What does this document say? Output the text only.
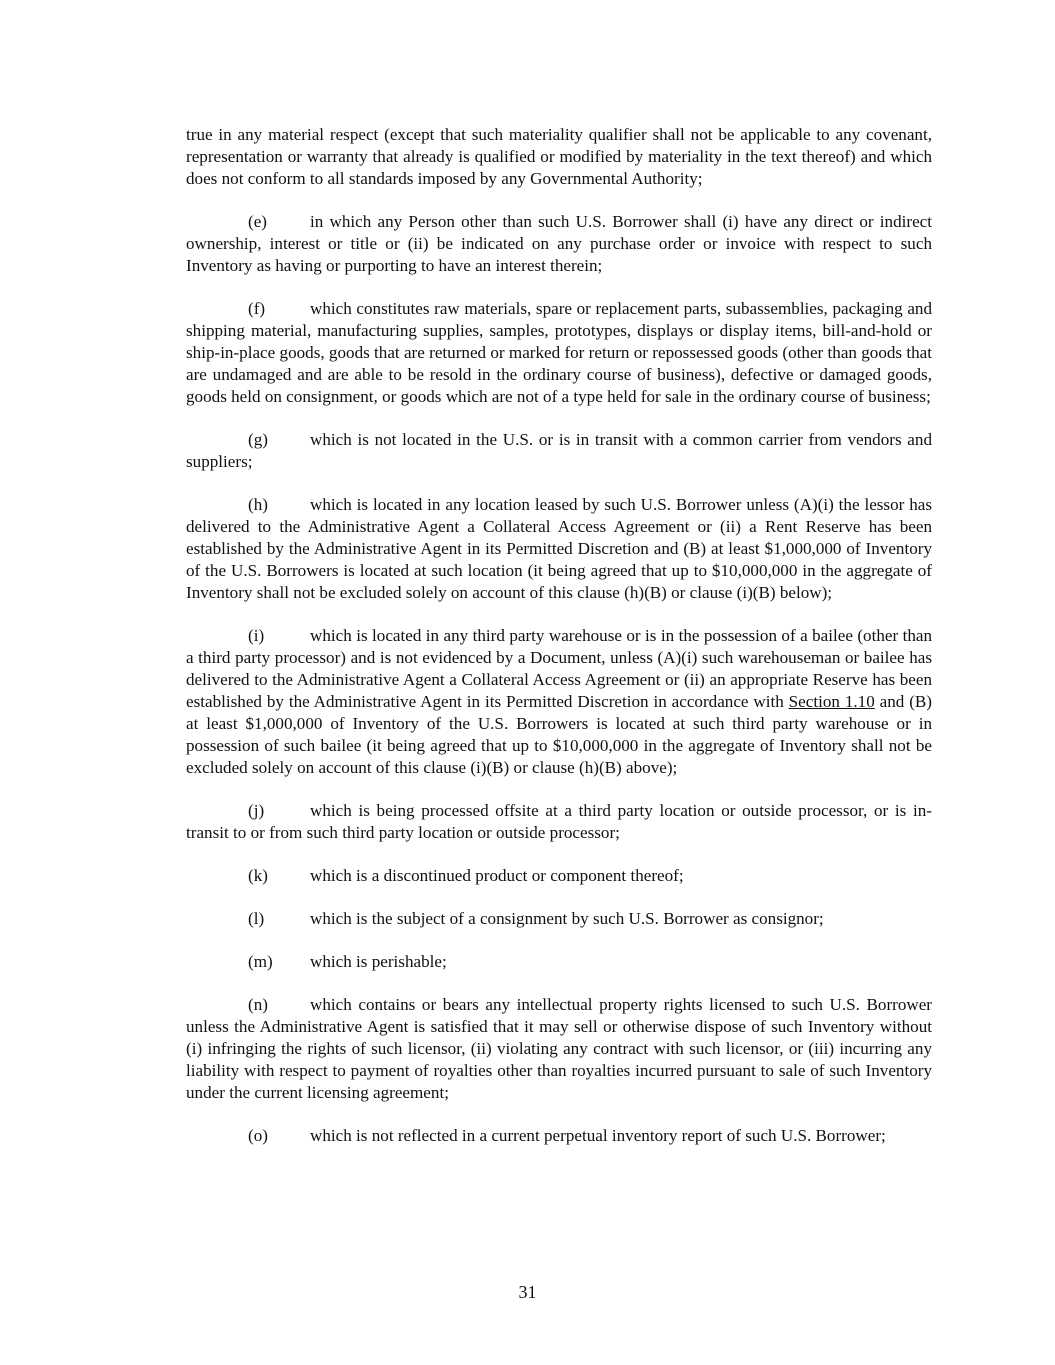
true in any material respect (except that such materiality qualifier shall not be applicable to any covenant, representation or warranty that already is qualified or modified by materiality in the text thereof) and which does not conform to all standards imposed by any Governmental Authority;

(e)	in which any Person other than such U.S. Borrower shall (i) have any direct or indirect ownership, interest or title or (ii) be indicated on any purchase order or invoice with respect to such Inventory as having or purporting to have an interest therein;

(f)	which constitutes raw materials, spare or replacement parts, subassemblies, packaging and shipping material, manufacturing supplies, samples, prototypes, displays or display items, bill-and-hold or ship-in-place goods, goods that are returned or marked for return or repossessed goods (other than goods that are undamaged and are able to be resold in the ordinary course of business), defective or damaged goods, goods held on consignment, or goods which are not of a type held for sale in the ordinary course of business;

(g) which is not located in the U.S. or is in transit with a common carrier from vendors and suppliers;

(h) which is located in any location leased by such U.S. Borrower unless (A)(i) the lessor has delivered to the Administrative Agent a Collateral Access Agreement or (ii) a Rent Reserve has been established by the Administrative Agent in its Permitted Discretion and (B) at least $1,000,000 of Inventory of the U.S. Borrowers is located at such location (it being agreed that up to $10,000,000 in the aggregate of Inventory shall not be excluded solely on account of this clause (h)(B) or clause (i)(B) below);

(i)	which is located in any third party warehouse or is in the possession of a bailee (other than a third party processor) and is not evidenced by a Document, unless (A)(i) such warehouseman or bailee has delivered to the Administrative Agent a Collateral Access Agreement or (ii) an appropriate Reserve has been established by the Administrative Agent in its Permitted Discretion in accordance with Section 1.10 and (B) at least $1,000,000 of Inventory of the U.S. Borrowers is located at such third party warehouse or in possession of such bailee (it being agreed that up to $10,000,000 in the aggregate of Inventory shall not be excluded solely on account of this clause (i)(B) or clause (h)(B) above);

(j)	which is being processed offsite at a third party location or outside processor, or is in-transit to or from such third party location or outside processor;

(k) which is a discontinued product or component thereof;

(l)	which is the subject of a consignment by such U.S. Borrower as consignor;

(m) which is perishable;

(n) which contains or bears any intellectual property rights licensed to such U.S. Borrower unless the Administrative Agent is satisfied that it may sell or otherwise dispose of such Inventory without (i) infringing the rights of such licensor, (ii) violating any contract with such licensor, or (iii) incurring any liability with respect to payment of royalties other than royalties incurred pursuant to sale of such Inventory under the current licensing agreement;

(o) which is not reflected in a current perpetual inventory report of such U.S. Borrower;

31
